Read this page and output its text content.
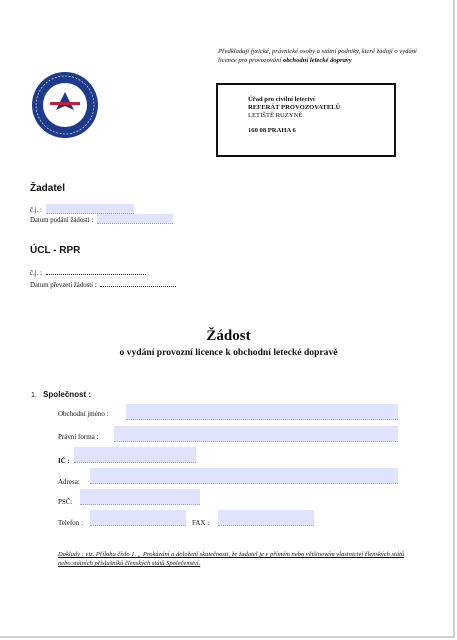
Předkladají fyzické, právnické osoby a státní podniky, které žádají o vydání licence pro provozování obchodní letecké dopravy
Úřad pro civilní letectví
REFERÁT PROVOZOVATELŮ
LETIŠTĚ RUZYNĚ
160 08 PRAHA 6
Žadatel
č.j. :
Datum podání žádosti :
ÚCL - RPR
č.j. :
Datum převzetí žádosti :
Žádost
o vydání provozní licence k obchodní letecké dopravě
1. Společnost :
Obchodní jméno :
Právní forma :
IČ :
Adresa:
PSČ:
Telefon :	FAX :
Doklady : viz. Příloha číslo 1. „ Prokázání a doložení skutečnosti, že žadatel je v přímém nebo většinovém vlastnictví členských států nebo státních příslušníků členských států Společenství.
